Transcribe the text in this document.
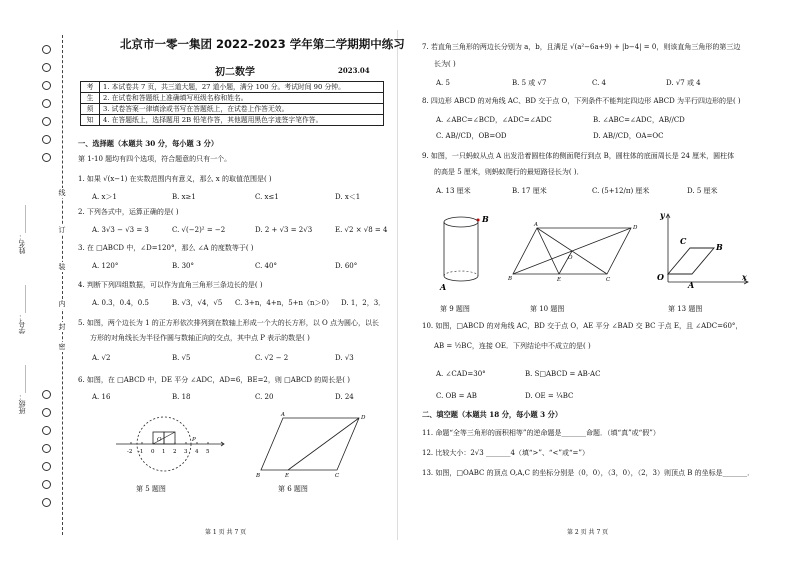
线
订
装
内
封
密
姓名：________
学号：________
班级：________
北京市一零一集团 2022–2023 学年第二学期期中练习
初二数学	2023.04
考	1. 本试卷共 7 页，共三道大题，27 道小题，满分 100 分。考试时间 90 分钟。
生	2. 在试卷和答题纸上准确填写班级名称和姓名。
须	3. 试卷答案一律填涂或书写在答题纸上，在试卷上作答无效。
知	4. 在答题纸上，选择题用 2B 铅笔作答，其他题用黑色字迹签字笔作答。
一、选择题（本题共 30 分，每小题 3 分）
第 1-10 题均有四个选项，符合题意的只有一个。
1. 如果 √(x−1) 在实数范围内有意义，那么 x 的取值范围是( )
A. x＞1	B. x≥1	C. x≤1	D. x＜1
2. 下列各式中，运算正确的是( )
A. 3√3 − √3 = 3	C. √(−2)² = −2	D. 2 + √3 = 2√3	E. √2 × √8 = 4
3. 在 □ABCD 中，∠D=120°，那么 ∠A 的度数等于( )
A. 120°	B. 30°	C. 40°	D. 60°
4. 判断下列四组数据，可以作为直角三角形三条边长的是( )
A. 0.3，0.4，0.5	B. √3，√4，√5 C. 3+n，4+n，5+n（n＞0） D. 1，2，3．
5. 如图，两个边长为 1 的正方形依次排列到在数轴上形成一个大的长方形，以 O 点为圆心，以长
方形的对角线长为半径作圆与数轴正向的交点，其中点 P 表示的数是( )
A. √2	B. √5	C. √2 − 2	D. √3
6. 如图，在 □ABCD 中，DE 平分 ∠ADC，AD=6，BE=2，则 □ABCD 的周长是( )
A. 16	B. 18	C. 20	D. 24
-2 -1 0 1 2 3 4 5
O	P
第 5 题图
A	D
B	E	C
第 6 题图
第 1 页 共 7 页
7. 若直角三角形的两边长分别为 a，b，且满足 √(a²−6a+9) + |b−4| = 0，则该直角三角形的第三边
长为( )
A. 5	B. 5 或 √7	C. 4	D. √7 或 4
8. 四边形 ABCD 的对角线 AC、BD 交于点 O，下列条件不能判定四边形 ABCD 为平行四边形的是( )
A. ∠ABC=∠BCD，∠ADC=∠ADC	B. ∠ABC=∠ADC，AB//CD
C. AB//CD，OB=OD	D. AB//CD，OA=OC
9. 如图，一只蚂蚁从点 A 出发沿着圆柱体的侧面爬行到点 B，圆柱体的底面周长是 24 厘米，圆柱体
的高是 5 厘米，则蚂蚁爬行的最短路径长为( )．
A. 13 厘米	B. 17 厘米	C. (5+12/π) 厘米	D. 5 厘米
B
A
第 9 题图
A	D
O
B	E	C
第 10 题图
y
x
O
A
B
C
第 13 题图
10. 如图，□ABCD 的对角线 AC，BD 交于点 O，AE 平分 ∠BAD 交 BC 于点 E，且 ∠ADC=60°，
AB = ½BC，连接 OE．下列结论中不成立的是( )
A. ∠CAD=30°	B. S□ABCD = AB·AC
C. OB = AB	D. OE = ¼BC
二、填空题（本题共 18 分，每小题 3 分）
11. 命题“全等三角形的面积相等”的逆命题是_______命题．（填“真”或“假”）
12. 比较大小：2√3 _______4（填“>”、“<”或“=”）
13. 如图，□OABC 的顶点 O,A,C 的坐标分别是（0，0），（3，0），（2，3）则顶点 B 的坐标是_______．
第 2 页 共 7 页
